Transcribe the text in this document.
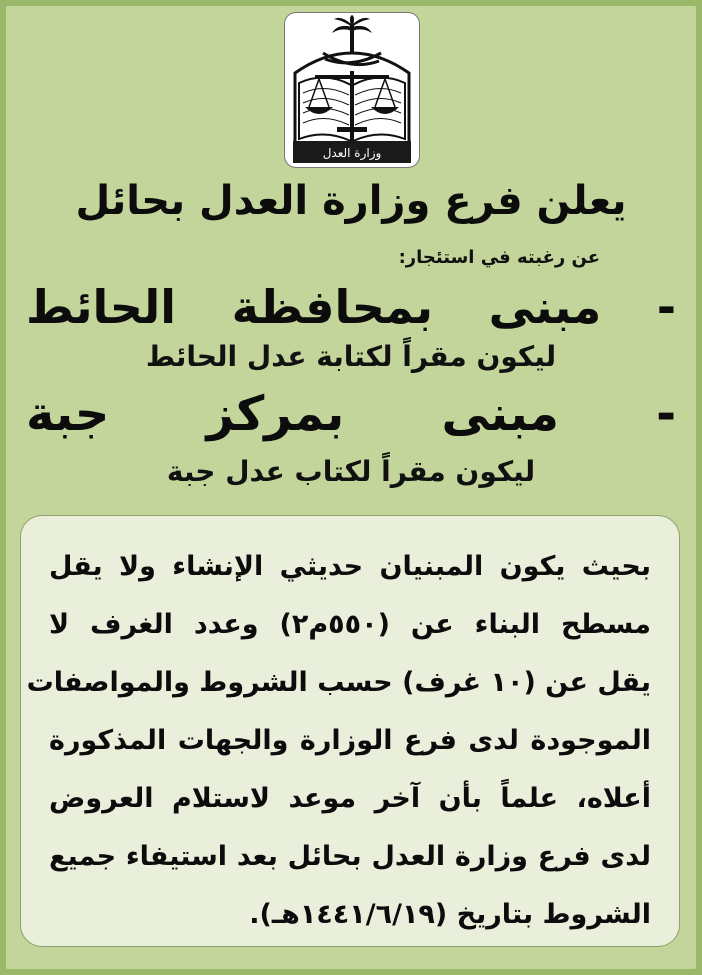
وزارة العدل
يعلن فرع وزارة العدل بحائل
عن رغبته في استئجار:
- مبنى بمحافظة الحائط
ليكون مقراً لكتابة عدل الحائط
- مبنى بمركز جبة
ليكون مقراً لكتاب عدل جبة

بحيث يكون المبنيان حديثي الإنشاء ولا يقل

مسطح البناء عن (٥٥٠م٢) وعدد الغرف لا

يقل عن (١٠ غرف) حسب الشروط والمواصفات

الموجودة لدى فرع الوزارة والجهات المذكورة

أعلاه، علماً بأن آخر موعد لاستلام العروض

لدى فرع وزارة العدل بحائل بعد استيفاء جميع

الشروط بتاريخ (١٤٤١/٦/١٩هـ).
